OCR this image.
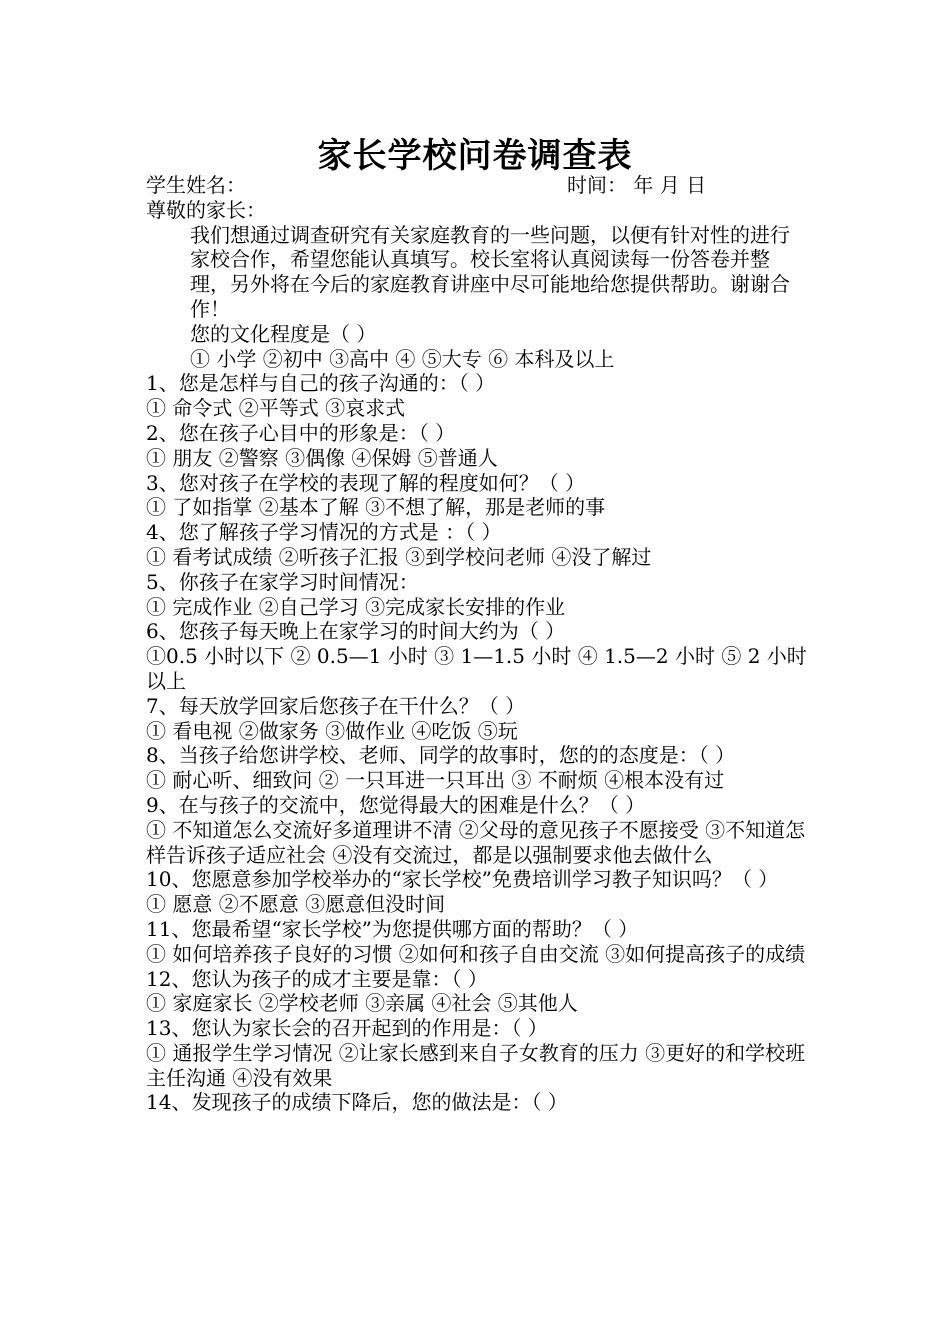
家长学校问卷调查表
学生姓名：	时间： 年 月 日
尊敬的家长：
我们想通过调查研究有关家庭教育的一些问题，以便有针对性的进行家校合作，希望您能认真填写。校长室将认真阅读每一份答卷并整理，另外将在今后的家庭教育讲座中尽可能地给您提供帮助。谢谢合作！
您的文化程度是（ ）
① 小学 ②初中 ③高中 ④ ⑤大专 ⑥ 本科及以上
1、您是怎样与自己的孩子沟通的：（ ）
① 命令式 ②平等式 ③哀求式
2、您在孩子心目中的形象是：（ ）
① 朋友 ②警察 ③偶像 ④保姆 ⑤普通人
3、您对孩子在学校的表现了解的程度如何？（ ）
① 了如指掌 ②基本了解 ③不想了解，那是老师的事
4、您了解孩子学习情况的方式是 ：（ ）
① 看考试成绩 ②听孩子汇报 ③到学校问老师 ④没了解过
5、你孩子在家学习时间情况：
① 完成作业 ②自己学习 ③完成家长安排的作业
6、您孩子每天晚上在家学习的时间大约为（ ）
①0.5 小时以下 ② 0.5—1 小时 ③ 1—1.5 小时 ④ 1.5—2 小时 ⑤ 2 小时以上
7、每天放学回家后您孩子在干什么？（ ）
① 看电视 ②做家务 ③做作业 ④吃饭 ⑤玩
8、当孩子给您讲学校、老师、同学的故事时，您的的态度是：（ ）
① 耐心听、细致问 ② 一只耳进一只耳出 ③ 不耐烦 ④根本没有过
9、在与孩子的交流中，您觉得最大的困难是什么？（ ）
① 不知道怎么交流好多道理讲不清 ②父母的意见孩子不愿接受 ③不知道怎样告诉孩子适应社会 ④没有交流过，都是以强制要求他去做什么
10、您愿意参加学校举办的“家长学校”免费培训学习教子知识吗？（ ）
① 愿意 ②不愿意 ③愿意但没时间
11、您最希望“家长学校”为您提供哪方面的帮助？（ ）
① 如何培养孩子良好的习惯 ②如何和孩子自由交流 ③如何提高孩子的成绩
12、您认为孩子的成才主要是靠：（ ）
① 家庭家长 ②学校老师 ③亲属 ④社会 ⑤其他人
13、您认为家长会的召开起到的作用是：（ ）
① 通报学生学习情况 ②让家长感到来自子女教育的压力 ③更好的和学校班主任沟通 ④没有效果
14、发现孩子的成绩下降后，您的做法是：（ ）
